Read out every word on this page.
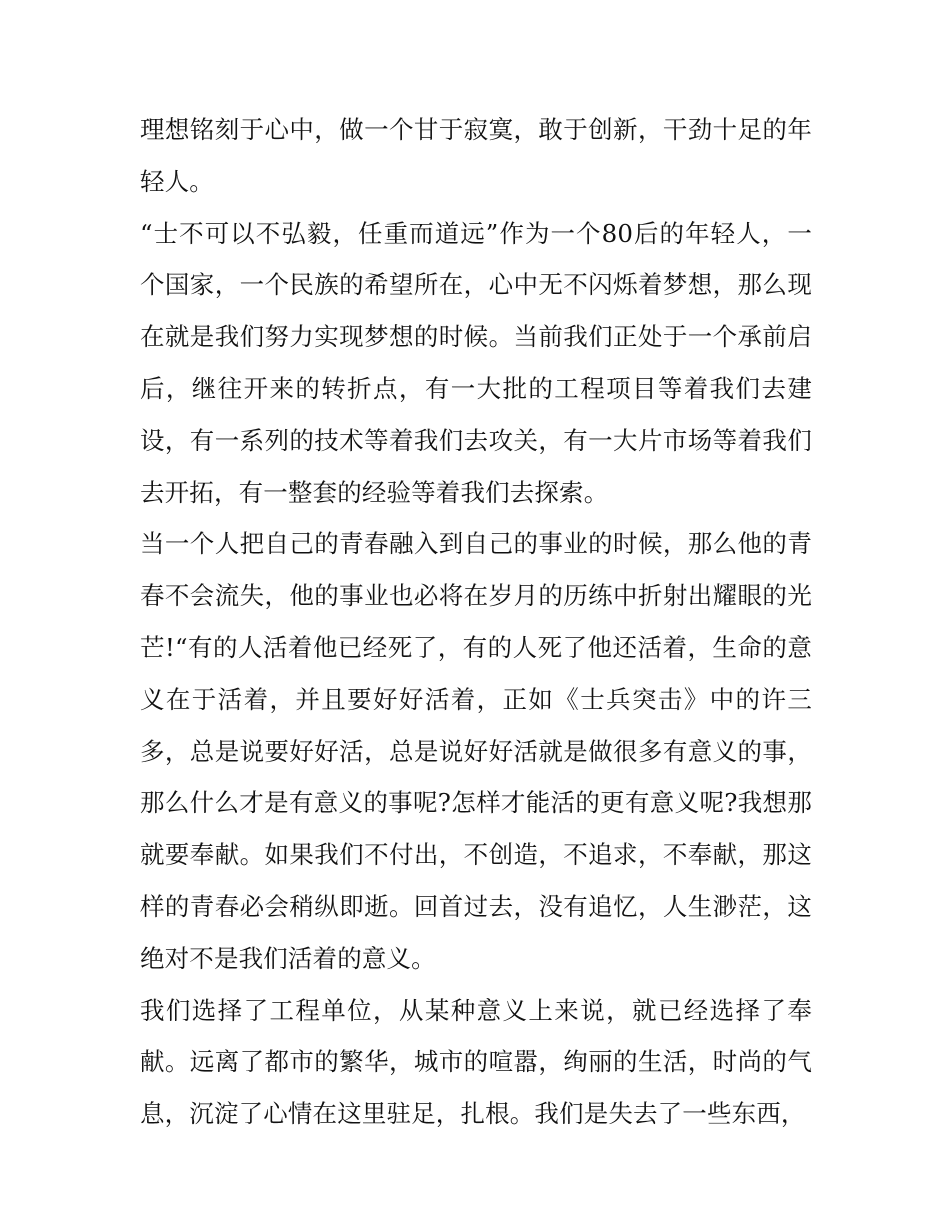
理想铭刻于心中，做一个甘于寂寞，敢于创新，干劲十足的年轻人。

“士不可以不弘毅，任重而道远”作为一个80后的年轻人，一个国家，一个民族的希望所在，心中无不闪烁着梦想，那么现在就是我们努力实现梦想的时候。当前我们正处于一个承前启后，继往开来的转折点，有一大批的工程项目等着我们去建设，有一系列的技术等着我们去攻关，有一大片市场等着我们去开拓，有一整套的经验等着我们去探索。

当一个人把自己的青春融入到自己的事业的时候，那么他的青春不会流失，他的事业也必将在岁月的历练中折射出耀眼的光芒!“有的人活着他已经死了，有的人死了他还活着，生命的意义在于活着，并且要好好活着，正如《士兵突击》中的许三多，总是说要好好活，总是说好好活就是做很多有意义的事，那么什么才是有意义的事呢?怎样才能活的更有意义呢?我想那就要奉献。如果我们不付出，不创造，不追求，不奉献，那这样的青春必会稍纵即逝。回首过去，没有追忆，人生渺茫，这绝对不是我们活着的意义。

我们选择了工程单位，从某种意义上来说，就已经选择了奉献。远离了都市的繁华，城市的喧嚣，绚丽的生活，时尚的气息，沉淀了心情在这里驻足，扎根。我们是失去了一些东西，
